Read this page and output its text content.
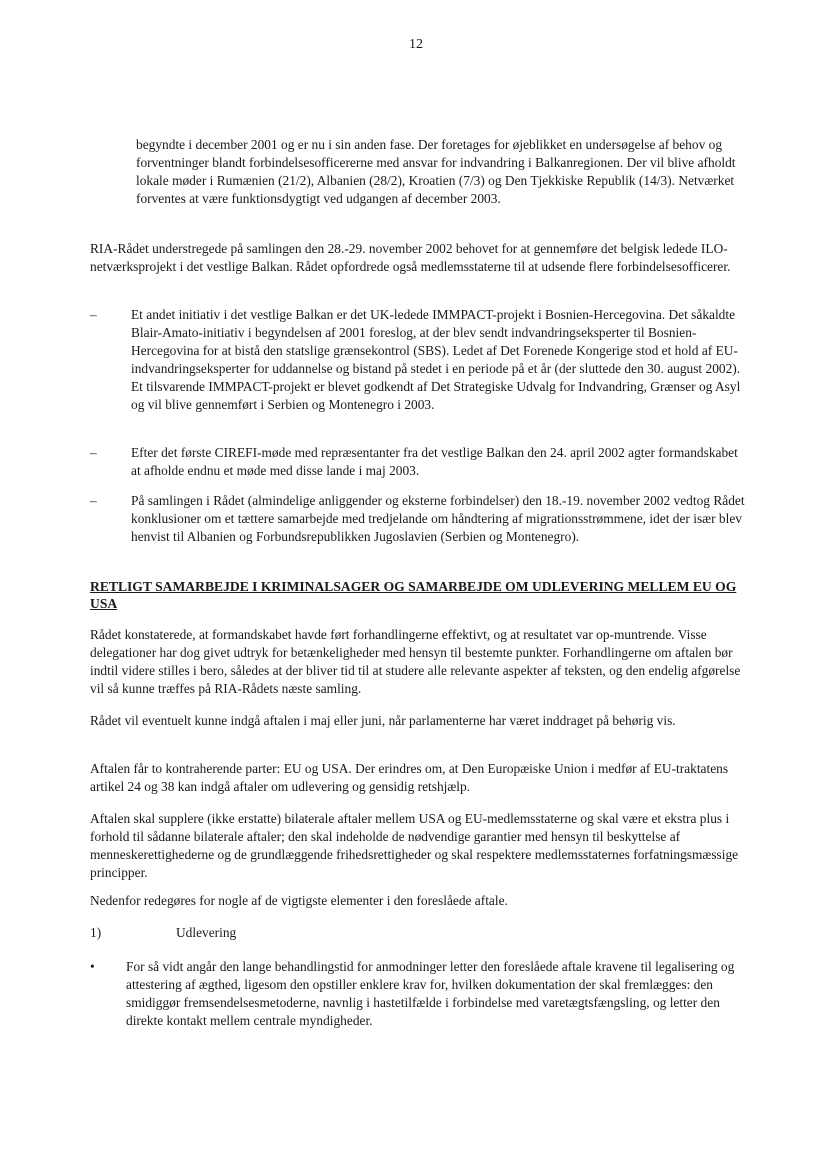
12

begyndte i december 2001 og er nu i sin anden fase. Der foretages for øjeblikket en undersøgelse af behov og forventninger blandt forbindelsesofficererne med ansvar for indvandring i Balkanregionen. Der vil blive afholdt lokale møder i Rumænien (21/2), Albanien (28/2), Kroatien (7/3) og Den Tjekkiske Republik (14/3). Netværket forventes at være funktionsdygtigt ved udgangen af december 2003.

RIA-Rådet understregede på samlingen den 28.-29. november 2002 behovet for at gennemføre det belgisk ledede ILO-netværksprojekt i det vestlige Balkan. Rådet opfordrede også medlemsstaterne til at udsende flere forbindelsesofficerer.

–	Et andet initiativ i det vestlige Balkan er det UK-ledede IMMPACT-projekt i Bosnien-Hercegovina. Det såkaldte Blair-Amato-initiativ i begyndelsen af 2001 foreslog, at der blev sendt indvandringseksperter til Bosnien-Hercegovina for at bistå den statslige grænsekontrol (SBS). Ledet af Det Forenede Kongerige stod et hold af EU-indvandringseksperter for uddannelse og bistand på stedet i en periode på et år (der sluttede den 30. august 2002). Et tilsvarende IMMPACT-projekt er blevet godkendt af Det Strategiske Udvalg for Indvandring, Grænser og Asyl og vil blive gennemført i Serbien og Montenegro i 2003.
–	Efter det første CIREFI-møde med repræsentanter fra det vestlige Balkan den 24. april 2002 agter formandskabet at afholde endnu et møde med disse lande i maj 2003.
–	På samlingen i Rådet (almindelige anliggender og eksterne forbindelser) den 18.-19. november 2002 vedtog Rådet konklusioner om et tættere samarbejde med tredjelande om håndtering af migrationsstrømmene, idet der især blev henvist til Albanien og Forbundsrepublikken Jugoslavien (Serbien og Montenegro).
RETLIGT SAMARBEJDE I KRIMINALSAGER OG SAMARBEJDE OM UDLEVERING MELLEM EU OG USA

Rådet konstaterede, at formandskabet havde ført forhandlingerne effektivt, og at resultatet var op-muntrende. Visse delegationer har dog givet udtryk for betænkeligheder med hensyn til bestemte punkter. Forhandlingerne om aftalen bør indtil videre stilles i bero, således at der bliver tid til at studere alle relevante aspekter af teksten, og den endelig afgørelse vil så kunne træffes på RIA-Rådets næste samling.

Rådet vil eventuelt kunne indgå aftalen i maj eller juni, når parlamenterne har været inddraget på behørig vis.

Aftalen får to kontraherende parter: EU og USA. Der erindres om, at Den Europæiske Union i medfør af EU-traktatens artikel 24 og 38 kan indgå aftaler om udlevering og gensidig retshjælp.

Aftalen skal supplere (ikke erstatte) bilaterale aftaler mellem USA og EU-medlemsstaterne og skal være et ekstra plus i forhold til sådanne bilaterale aftaler; den skal indeholde de nødvendige garantier med hensyn til beskyttelse af menneskerettighederne og de grundlæggende frihedsrettigheder og skal respektere medlemsstaternes forfatningsmæssige principper.

Nedenfor redegøres for nogle af de vigtigste elementer i den foreslåede aftale.

1)	Udlevering
•	For så vidt angår den lange behandlingstid for anmodninger letter den foreslåede aftale kravene til legalisering og attestering af ægthed, ligesom den opstiller enklere krav for, hvilken dokumentation der skal fremlægges: den smidiggør fremsendelsesmetoderne, navnlig i hastetilfælde i forbindelse med varetægtsfængsling, og letter den direkte kontakt mellem centrale myndigheder.
